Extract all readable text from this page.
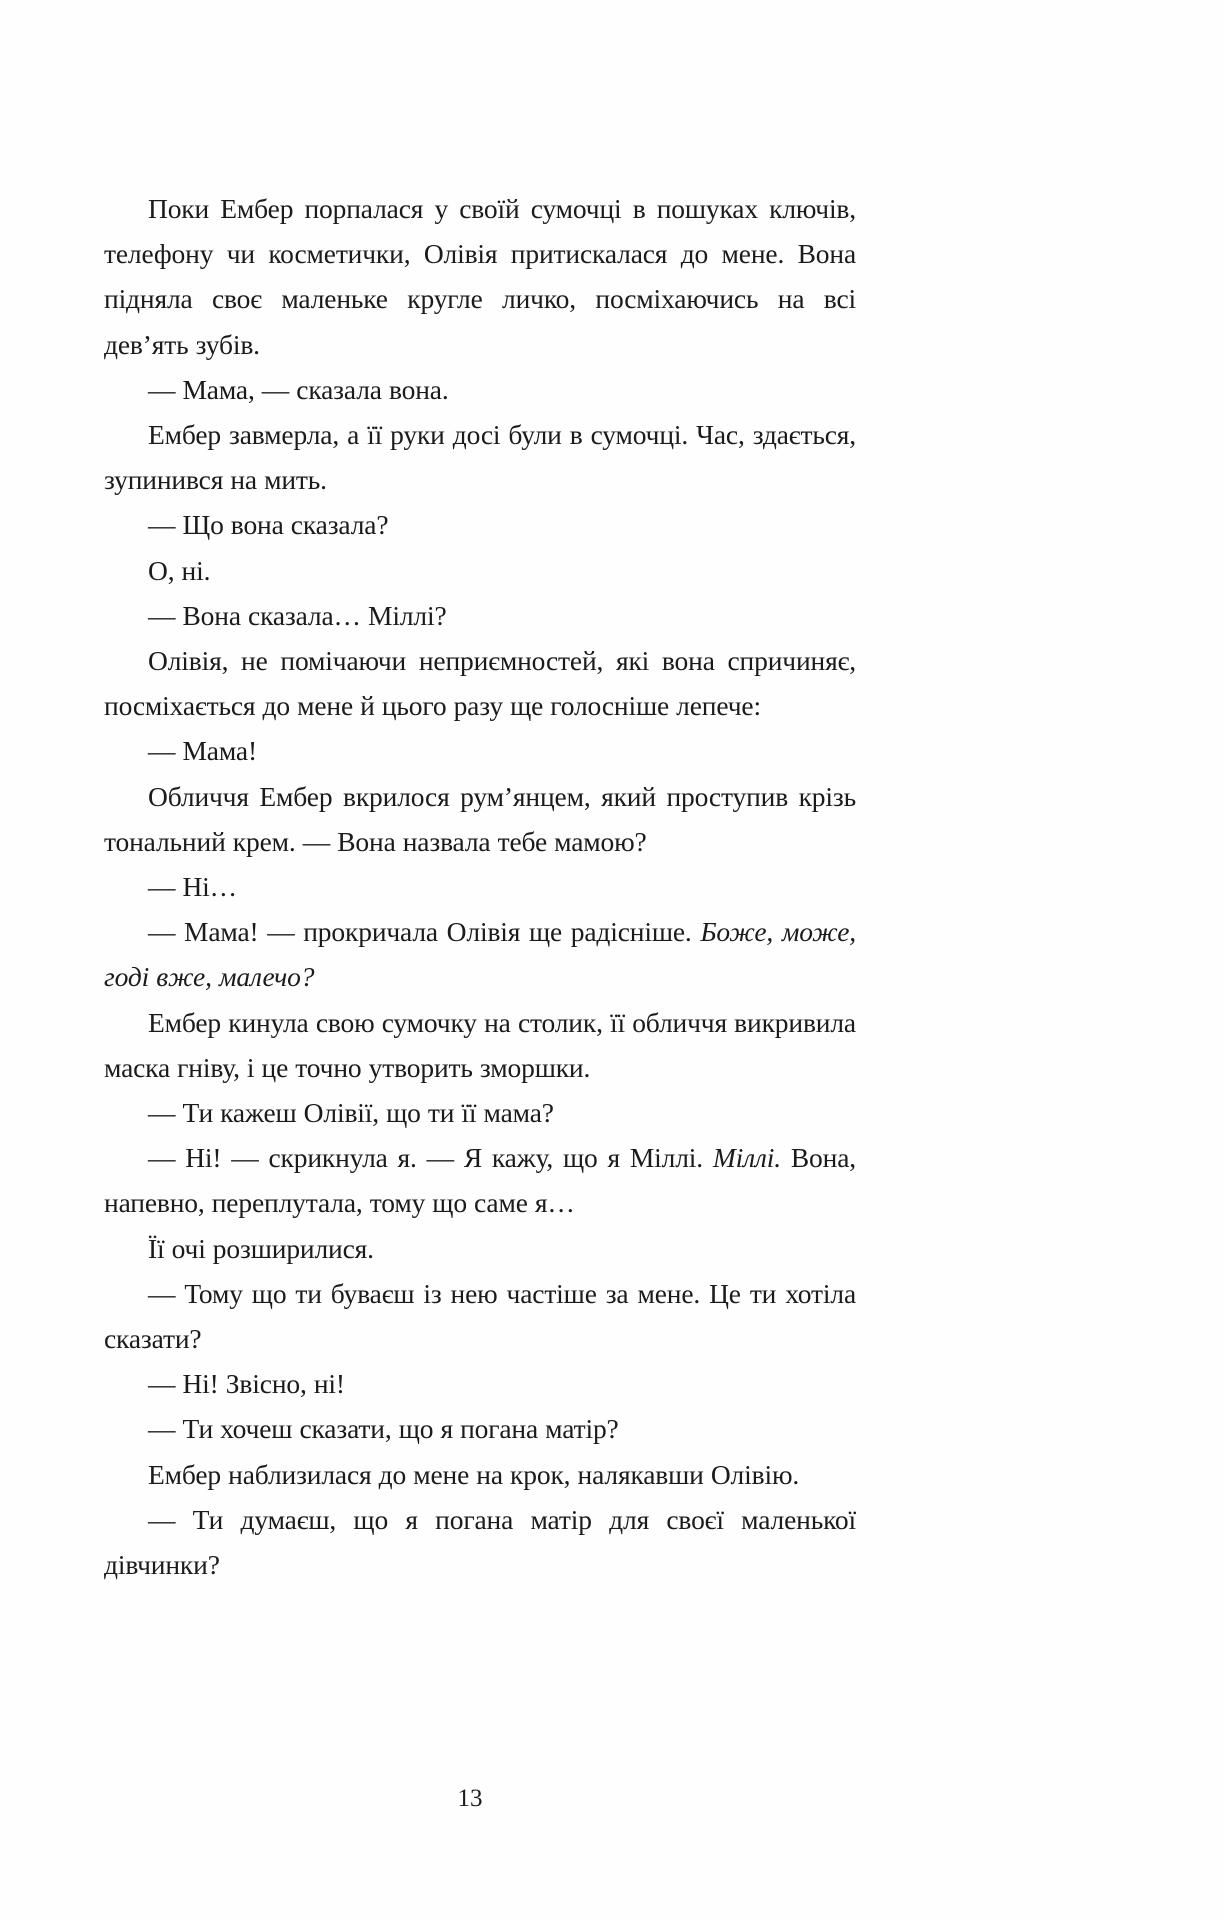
Поки Ембер порпалася у своїй сумочці в пошуках ключів, телефону чи косметички, Олівія притискалася до мене. Вона підняла своє маленьке кругле личко, посміхаючись на всі дев’ять зубів.

— Мама, — сказала вона.

Ембер завмерла, а її руки досі були в сумочці. Час, здається, зупинився на мить.

— Що вона сказала?

О, ні.

— Вона сказала… Міллі?

Олівія, не помічаючи неприємностей, які вона спричиняє, посміхається до мене й цього разу ще голосніше лепече:

— Мама!

Обличчя Ембер вкрилося рум’янцем, який проступив крізь тональний крем. — Вона назвала тебе мамою?

— Ні…

— Мама! — прокричала Олівія ще радісніше. Боже, може, годі вже, малечо?

Ембер кинула свою сумочку на столик, її обличчя викривила маска гніву, і це точно утворить зморшки.

— Ти кажеш Олівії, що ти її мама?

— Ні! — скрикнула я. — Я кажу, що я Міллі. Міллі. Вона, напевно, переплутала, тому що саме я…

Її очі розширилися.

— Тому що ти буваєш із нею частіше за мене. Це ти хотіла сказати?

— Ні! Звісно, ні!

— Ти хочеш сказати, що я погана матір?

Ембер наблизилася до мене на крок, налякавши Олівію.

— Ти думаєш, що я погана матір для своєї маленької дівчинки?

13
